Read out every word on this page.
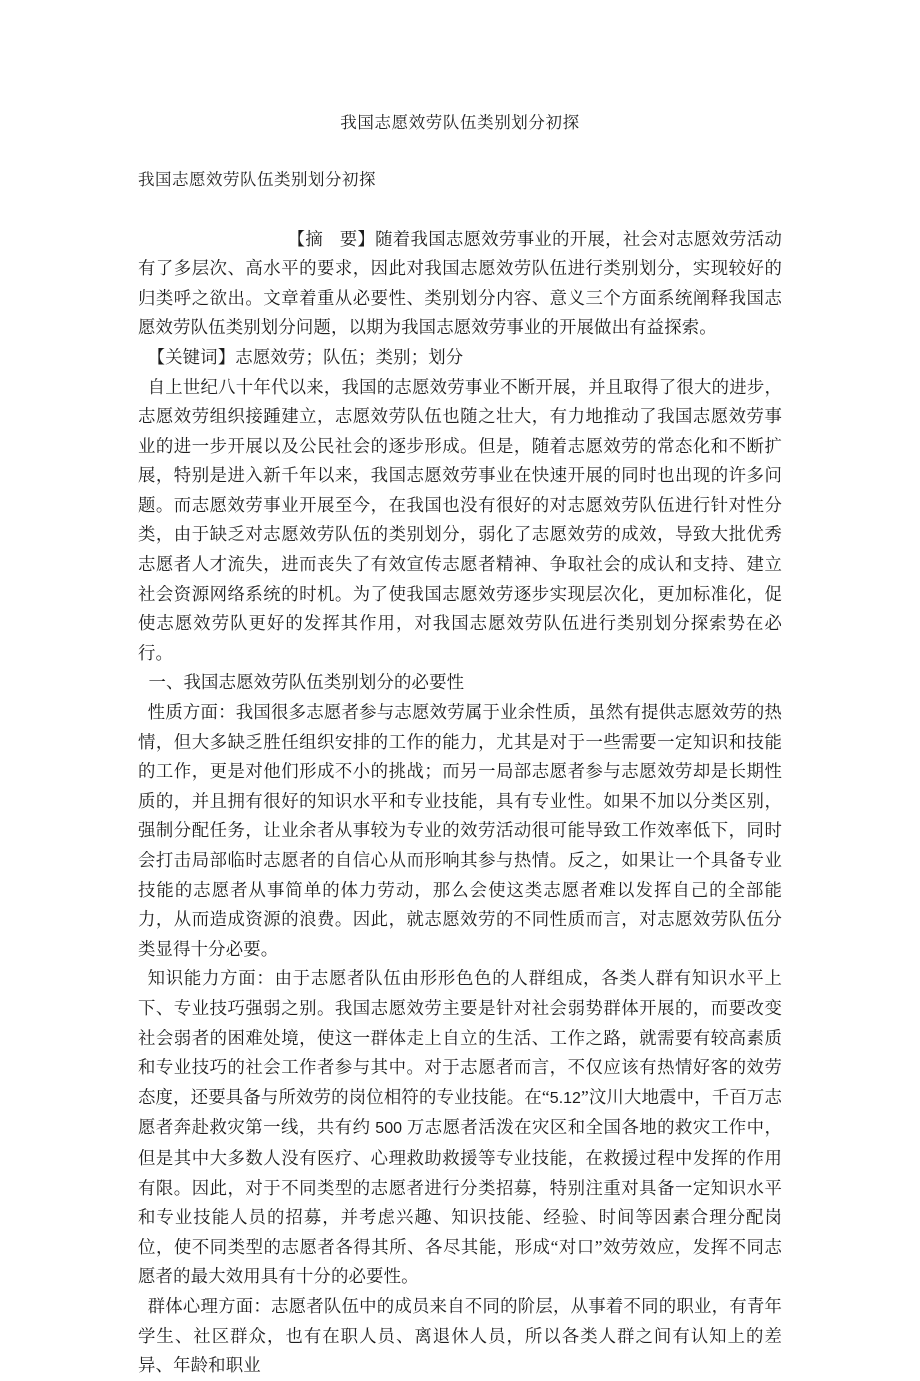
我国志愿效劳队伍类别划分初探
我国志愿效劳队伍类别划分初探

【摘 要】随着我国志愿效劳事业的开展，社会对志愿效劳活动有了多层次、高水平的要求，因此对我国志愿效劳队伍进行类别划分，实现较好的归类呼之欲出。文章着重从必要性、类别划分内容、意义三个方面系统阐释我国志愿效劳队伍类别划分问题，以期为我国志愿效劳事业的开展做出有益探索。

【关键词】志愿效劳；队伍；类别；划分

自上世纪八十年代以来，我国的志愿效劳事业不断开展，并且取得了很大的进步，志愿效劳组织接踵建立，志愿效劳队伍也随之壮大，有力地推动了我国志愿效劳事业的进一步开展以及公民社会的逐步形成。但是，随着志愿效劳的常态化和不断扩展，特别是进入新千年以来，我国志愿效劳事业在快速开展的同时也出现的许多问题。而志愿效劳事业开展至今，在我国也没有很好的对志愿效劳队伍进行针对性分类，由于缺乏对志愿效劳队伍的类别划分，弱化了志愿效劳的成效，导致大批优秀志愿者人才流失，进而丧失了有效宣传志愿者精神、争取社会的成认和支持、建立社会资源网络系统的时机。为了使我国志愿效劳逐步实现层次化，更加标准化，促使志愿效劳队更好的发挥其作用，对我国志愿效劳队伍进行类别划分探索势在必行。

一、我国志愿效劳队伍类别划分的必要性

性质方面：我国很多志愿者参与志愿效劳属于业余性质，虽然有提供志愿效劳的热情，但大多缺乏胜任组织安排的工作的能力，尤其是对于一些需要一定知识和技能的工作，更是对他们形成不小的挑战；而另一局部志愿者参与志愿效劳却是长期性质的，并且拥有很好的知识水平和专业技能，具有专业性。如果不加以分类区别，强制分配任务，让业余者从事较为专业的效劳活动很可能导致工作效率低下，同时会打击局部临时志愿者的自信心从而形响其参与热情。反之，如果让一个具备专业技能的志愿者从事简单的体力劳动，那么会使这类志愿者难以发挥自己的全部能力，从而造成资源的浪费。因此，就志愿效劳的不同性质而言，对志愿效劳队伍分类显得十分必要。

知识能力方面：由于志愿者队伍由形形色色的人群组成，各类人群有知识水平上下、专业技巧强弱之别。我国志愿效劳主要是针对社会弱势群体开展的，而要改变社会弱者的困难处境，使这一群体走上自立的生活、工作之路，就需要有较高素质和专业技巧的社会工作者参与其中。对于志愿者而言，不仅应该有热情好客的效劳态度，还要具备与所效劳的岗位相符的专业技能。在“5.12”汶川大地震中，千百万志愿者奔赴救灾第一线，共有约 500 万志愿者活泼在灾区和全国各地的救灾工作中，但是其中大多数人没有医疗、心理救助救援等专业技能，在救援过程中发挥的作用有限。因此，对于不同类型的志愿者进行分类招募，特别注重对具备一定知识水平和专业技能人员的招募，并考虑兴趣、知识技能、经验、时间等因素合理分配岗位，使不同类型的志愿者各得其所、各尽其能，形成“对口”效劳效应，发挥不同志愿者的最大效用具有十分的必要性。

群体心理方面：志愿者队伍中的成员来自不同的阶层，从事着不同的职业，有青年学生、社区群众，也有在职人员、离退休人员，所以各类人群之间有认知上的差异、年龄和职业
